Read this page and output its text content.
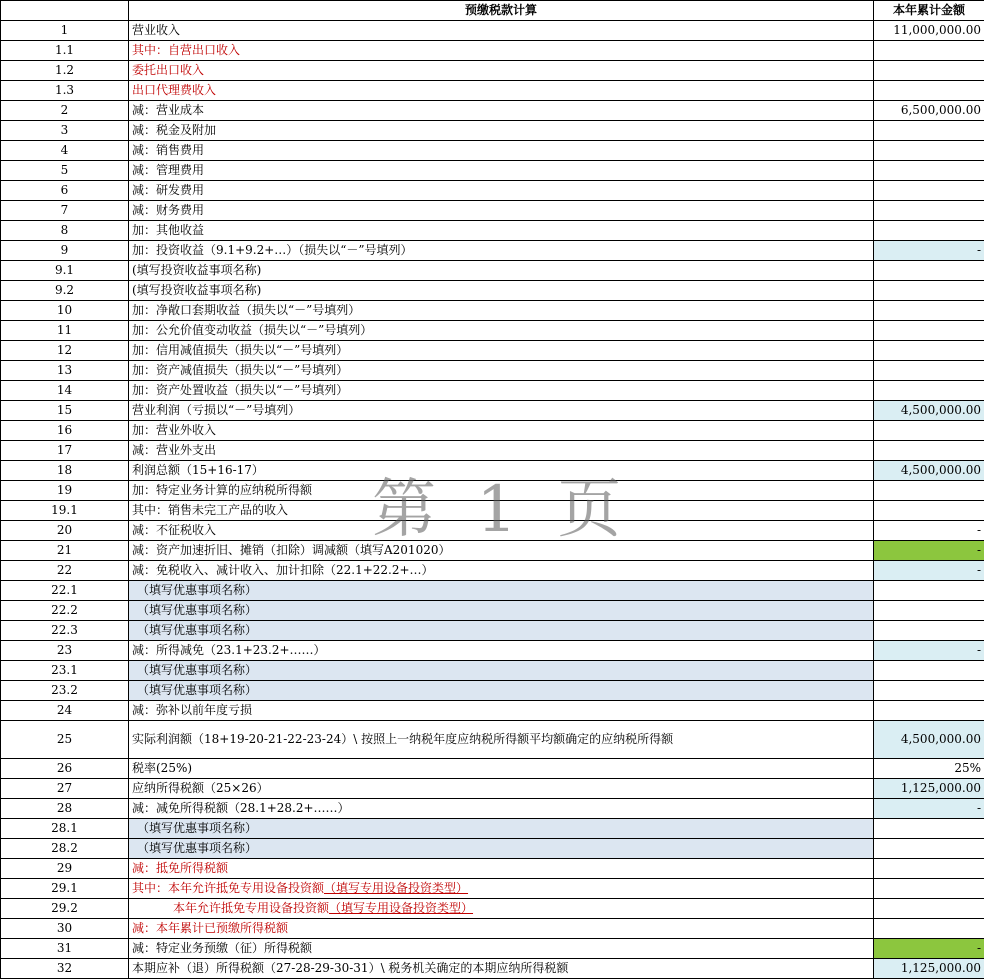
	预缴税款计算	本年累计金额
1	营业收入	11,000,000.00
1.1	其中：自营出口收入	
1.2	委托出口收入	
1.3	出口代理费收入	
2	减：营业成本	6,500,000.00
3	减：税金及附加	
4	减：销售费用	
5	减：管理费用	
6	减：研发费用	
7	减：财务费用	
8	加：其他收益	
9	加：投资收益（9.1+9.2+…）（损失以“－”号填列）	-
9.1	(填写投资收益事项名称)	
9.2	(填写投资收益事项名称)	
10	加：净敞口套期收益（损失以“－”号填列）	
11	加：公允价值变动收益（损失以“－”号填列）	
12	加：信用减值损失（损失以“－”号填列）	
13	加：资产减值损失（损失以“－”号填列）	
14	加：资产处置收益（损失以“－”号填列）	
15	营业利润（亏损以“－”号填列）	4,500,000.00
16	加：营业外收入	
17	减：营业外支出	
18	利润总额（15+16-17）	4,500,000.00
19	加：特定业务计算的应纳税所得额	
19.1	其中：销售未完工产品的收入	
20	减：不征税收入	-
21	减：资产加速折旧、摊销（扣除）调减额（填写A201020）	-
22	减：免税收入、减计收入、加计扣除（22.1+22.2+…）	-
22.1	（填写优惠事项名称）	
22.2	（填写优惠事项名称）	
22.3	（填写优惠事项名称）	
23	减：所得减免（23.1+23.2+……）	-
23.1	（填写优惠事项名称）	
23.2	（填写优惠事项名称）	
24	减：弥补以前年度亏损	
25	实际利润额（18+19-20-21-22-23-24）\ 按照上一纳税年度应纳税所得额平均额确定的应纳税所得额	4,500,000.00
26	税率(25%)	25%
27	应纳所得税额（25×26）	1,125,000.00
28	减：减免所得税额（28.1+28.2+……）	-
28.1	（填写优惠事项名称）	
28.2	（填写优惠事项名称）	
29	减：抵免所得税额	
29.1	其中：本年允许抵免专用设备投资额（填写专用设备投资类型）	
29.2	本年允许抵免专用设备投资额（填写专用设备投资类型）	
30	减：本年累计已预缴所得税额	
31	减：特定业务预缴（征）所得税额	-
32	本期应补（退）所得税额（27-28-29-30-31）\ 税务机关确定的本期应纳所得税额	1,125,000.00
第 1 页
